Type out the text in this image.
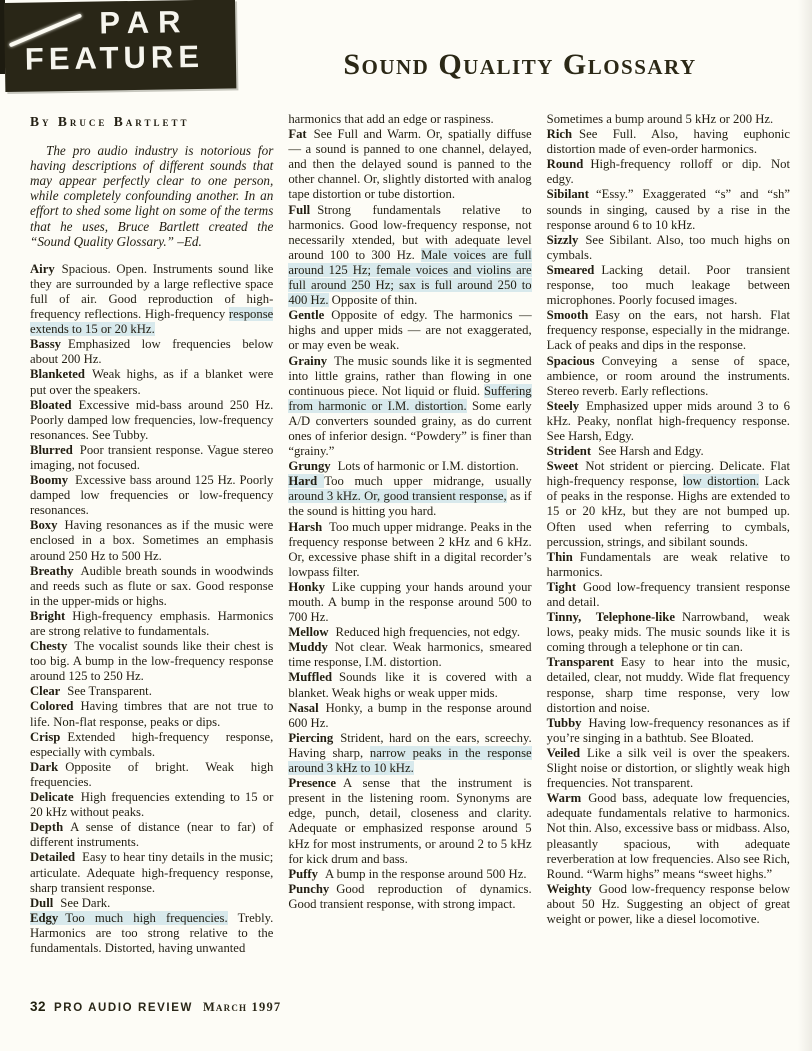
PAR
FEATURE	Sound Quality Glossary
By Bruce Bartlett

The pro audio industry is notorious for having descriptions of different sounds that may appear perfectly clear to one person, while completely confounding another. In an effort to shed some light on some of the terms that he uses, Bruce Bartlett created the “Sound Quality Glossary.” –Ed.

Airy Spacious. Open. Instruments sound like they are surrounded by a large reflective space full of air. Good reproduction of high-frequency reflections. High-frequency response extends to 15 or 20 kHz.

Bassy Emphasized low frequencies below about 200 Hz.

Blanketed Weak highs, as if a blanket were put over the speakers.

Bloated Excessive mid-bass around 250 Hz. Poorly damped low frequencies, low-frequency resonances. See Tubby.

Blurred Poor transient response. Vague stereo imaging, not focused.

Boomy Excessive bass around 125 Hz. Poorly damped low frequencies or low-frequency resonances.

Boxy Having resonances as if the music were enclosed in a box. Sometimes an emphasis around 250 Hz to 500 Hz.

Breathy Audible breath sounds in woodwinds and reeds such as flute or sax. Good response in the upper-mids or highs.

Bright High-frequency emphasis. Harmonics are strong relative to fundamentals.

Chesty The vocalist sounds like their chest is too big. A bump in the low-frequency response around 125 to 250 Hz.

Clear See Transparent.

Colored Having timbres that are not true to life. Non-flat response, peaks or dips.

Crisp Extended high-frequency response, especially with cymbals.

Dark Opposite of bright. Weak high frequencies.

Delicate High frequencies extending to 15 or 20 kHz without peaks.

Depth A sense of distance (near to far) of different instruments.

Detailed Easy to hear tiny details in the music; articulate. Adequate high-frequency response, sharp transient response.

Dull See Dark.

Edgy Too much high frequencies. Trebly. Harmonics are too strong relative to the fundamentals. Distorted, having unwanted

harmonics that add an edge or raspiness.

Fat See Full and Warm. Or, spatially diffuse — a sound is panned to one channel, delayed, and then the delayed sound is panned to the other channel. Or, slightly distorted with analog tape distortion or tube distortion.

Full Strong fundamentals relative to harmonics. Good low-frequency response, not necessarily xtended, but with adequate level around 100 to 300 Hz. Male voices are full around 125 Hz; female voices and violins are full around 250 Hz; sax is full around 250 to 400 Hz. Opposite of thin.

Gentle Opposite of edgy. The harmonics — highs and upper mids — are not exaggerated, or may even be weak.

Grainy The music sounds like it is segmented into little grains, rather than flowing in one continuous piece. Not liquid or fluid. Suffering from harmonic or I.M. distortion. Some early A/D converters sounded grainy, as do current ones of inferior design. “Powdery” is finer than “grainy.”

Grungy Lots of harmonic or I.M. distortion.

Hard Too much upper midrange, usually around 3 kHz. Or, good transient response, as if the sound is hitting you hard.

Harsh Too much upper midrange. Peaks in the frequency response between 2 kHz and 6 kHz. Or, excessive phase shift in a digital recorder’s lowpass filter.

Honky Like cupping your hands around your mouth. A bump in the response around 500 to 700 Hz.

Mellow Reduced high frequencies, not edgy.

Muddy Not clear. Weak harmonics, smeared time response, I.M. distortion.

Muffled Sounds like it is covered with a blanket. Weak highs or weak upper mids.

Nasal Honky, a bump in the response around 600 Hz.

Piercing Strident, hard on the ears, screechy. Having sharp, narrow peaks in the response around 3 kHz to 10 kHz.

Presence A sense that the instrument is present in the listening room. Synonyms are edge, punch, detail, closeness and clarity. Adequate or emphasized response around 5 kHz for most instruments, or around 2 to 5 kHz for kick drum and bass.

Puffy A bump in the response around 500 Hz.

Punchy Good reproduction of dynamics. Good transient response, with strong impact.

Sometimes a bump around 5 kHz or 200 Hz.

Rich See Full. Also, having euphonic distortion made of even-order harmonics.

Round High-frequency rolloff or dip. Not edgy.

Sibilant “Essy.” Exaggerated “s” and “sh” sounds in singing, caused by a rise in the response around 6 to 10 kHz.

Sizzly See Sibilant. Also, too much highs on cymbals.

Smeared Lacking detail. Poor transient response, too much leakage between microphones. Poorly focused images.

Smooth Easy on the ears, not harsh. Flat frequency response, especially in the midrange. Lack of peaks and dips in the response.

Spacious Conveying a sense of space, ambience, or room around the instruments. Stereo reverb. Early reflections.

Steely Emphasized upper mids around 3 to 6 kHz. Peaky, nonflat high-frequency response. See Harsh, Edgy.

Strident See Harsh and Edgy.

Sweet Not strident or piercing. Delicate. Flat high-frequency response, low distortion. Lack of peaks in the response. Highs are extended to 15 or 20 kHz, but they are not bumped up. Often used when referring to cymbals, percussion, strings, and sibilant sounds.

Thin Fundamentals are weak relative to harmonics.

Tight Good low-frequency transient response and detail.

Tinny, Telephone-like Narrowband, weak lows, peaky mids. The music sounds like it is coming through a telephone or tin can.

Transparent Easy to hear into the music, detailed, clear, not muddy. Wide flat frequency response, sharp time response, very low distortion and noise.

Tubby Having low-frequency resonances as if you’re singing in a bathtub. See Bloated.

Veiled Like a silk veil is over the speakers. Slight noise or distortion, or slightly weak high frequencies. Not transparent.

Warm Good bass, adequate low frequencies, adequate fundamentals relative to harmonics. Not thin. Also, excessive bass or midbass. Also, pleasantly spacious, with adequate reverberation at low frequencies. Also see Rich, Round. “Warm highs” means “sweet highs.”

Weighty Good low-frequency response below about 50 Hz. Suggesting an object of great weight or power, like a diesel locomotive.

32 PRO AUDIO REVIEW March 1997
